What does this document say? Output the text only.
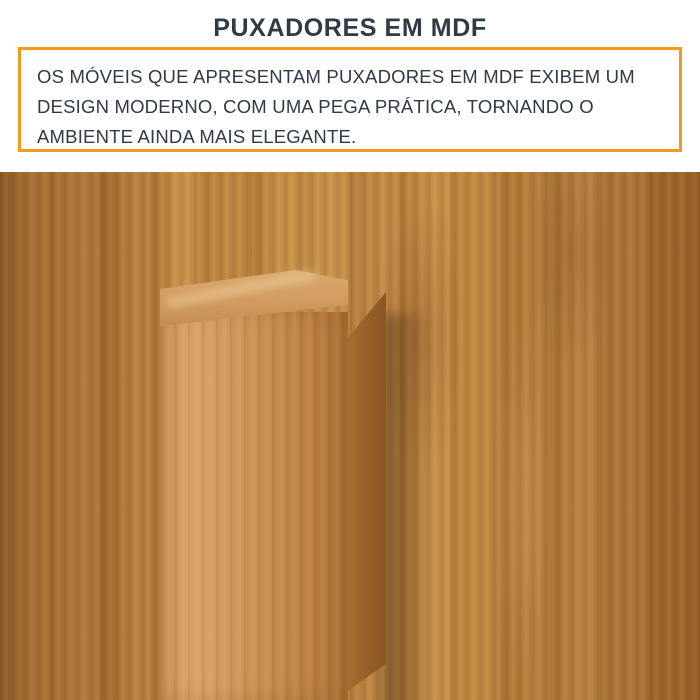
PUXADORES EM MDF

OS MÓVEIS QUE APRESENTAM PUXADORES EM MDF EXIBEM UM DESIGN MODERNO, COM UMA PEGA PRÁTICA, TORNANDO O AMBIENTE AINDA MAIS ELEGANTE.
